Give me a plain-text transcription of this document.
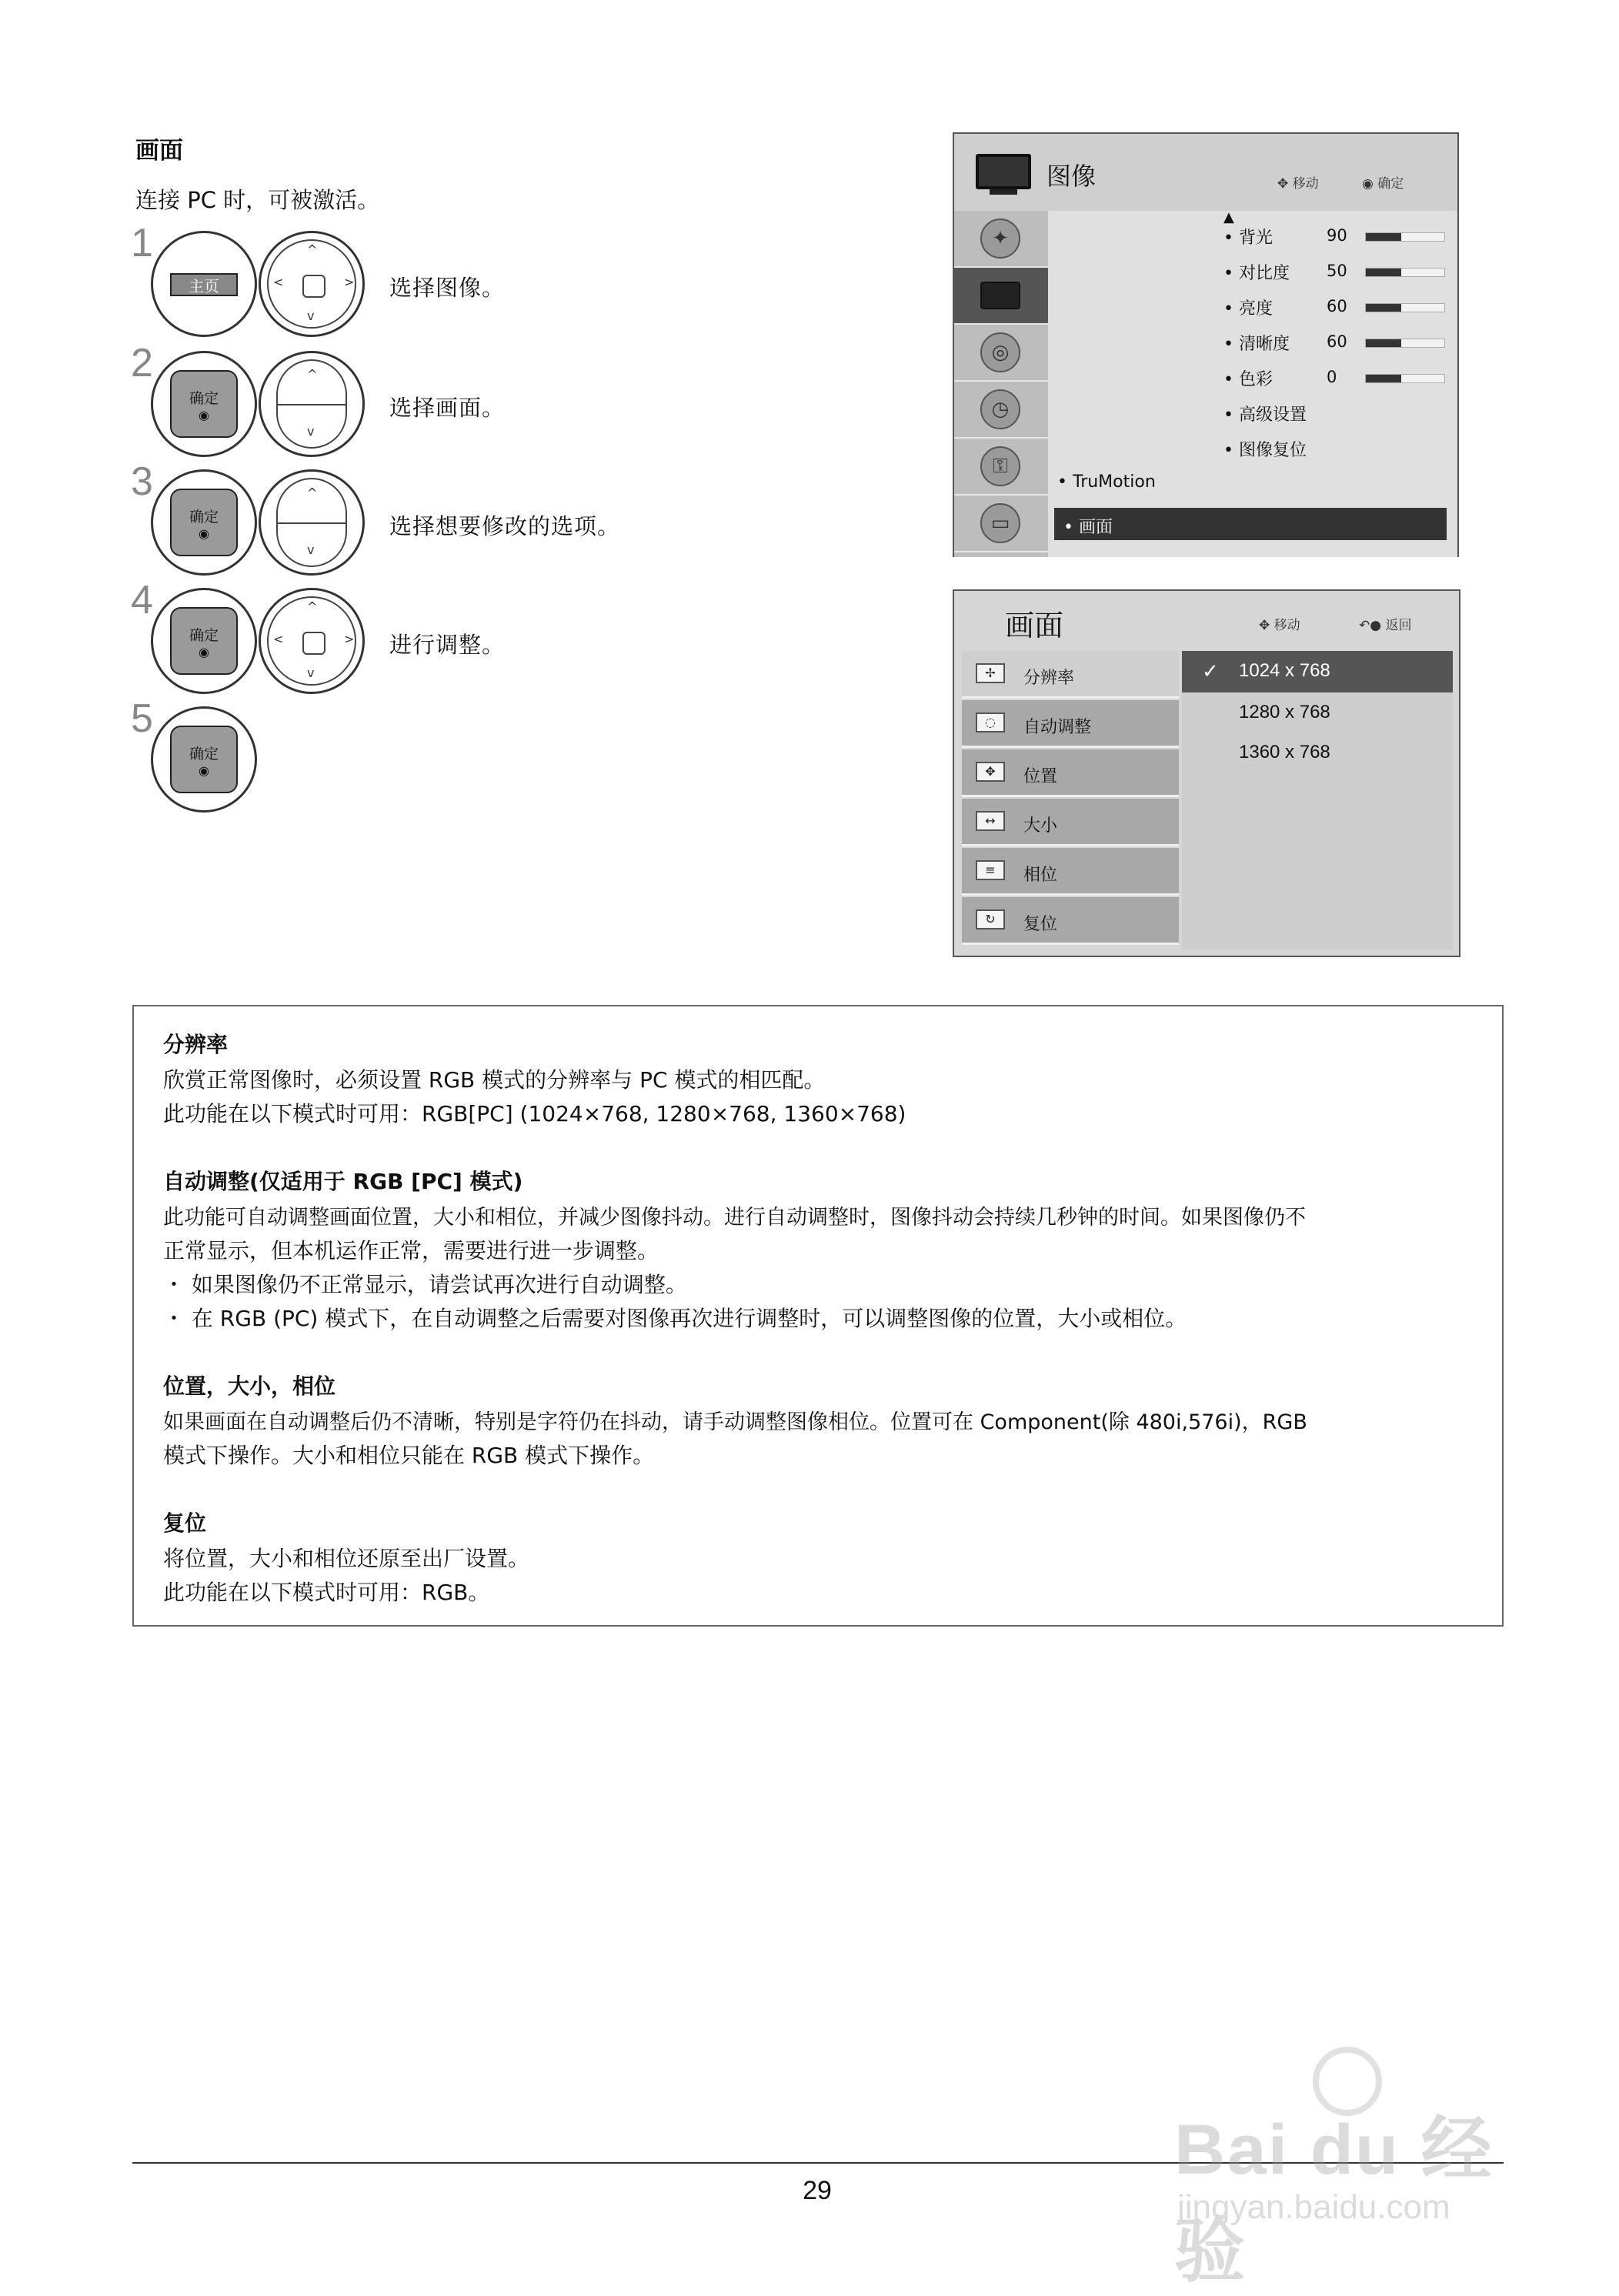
画面
连接 PC 时，可被激活。
1
主页
^
v
<	> 选择图像。
2
确定
◉
^
v
选择画面。
3
确定
◉
^
v
选择想要修改的选项。
4
确定
◉
^
v
<	> 进行调整。
5
确定
◉
图像	✥ 移动	◉ 确定
✦
◎
◷
⚿
▭
▲
• 背光	90
• 对比度 50
• 亮度	60
• 清晰度 60
• 色彩	0
• 高级设置
• 图像复位
• TruMotion
• 画面
画面	✥ 移动	↶● 返回
✢	分辨率
◌	自动调整
✥	位置
↔	大小
≡	相位
↻	复位
✓ 1024 x 768
1280 x 768
1360 x 768
分辨率
欣赏正常图像时，必须设置 RGB 模式的分辨率与 PC 模式的相匹配。
此功能在以下模式时可用：RGB[PC] (1024×768, 1280×768, 1360×768)
自动调整(仅适用于 RGB [PC] 模式)
此功能可自动调整画面位置，大小和相位，并减少图像抖动。进行自动调整时，图像抖动会持续几秒钟的时间。如果图像仍不
正常显示，但本机运作正常，需要进行进一步调整。
・ 如果图像仍不正常显示，请尝试再次进行自动调整。
・ 在 RGB (PC) 模式下，在自动调整之后需要对图像再次进行调整时，可以调整图像的位置，大小或相位。
位置，大小，相位
如果画面在自动调整后仍不清晰，特别是字符仍在抖动，请手动调整图像相位。位置可在 Component(除 480i,576i)，RGB
模式下操作。大小和相位只能在 RGB 模式下操作。
复位
将位置，大小和相位还原至出厂设置。
此功能在以下模式时可用：RGB。
29
Bai du 经验
jingyan.baidu.com
